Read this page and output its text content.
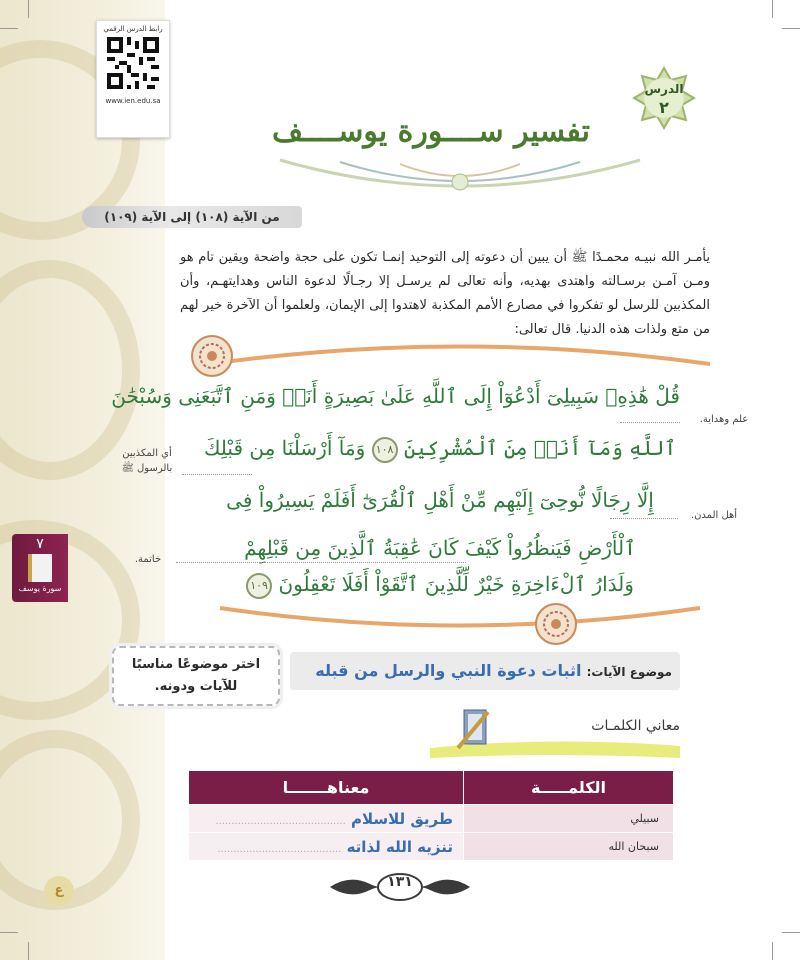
رابط الدرس الرقمي
www.ien.edu.sa
الدرس
٢
تفسير ســــورة يوســــف
من الآية (١٠٨) إلى الآية (١٠٩)

يأمـر الله نبيـه محمـدًا ﷺ أن يبين أن دعوته إلى التوحيد إنمـا تكون على حجة واضحة ويقين تام هو ومـن آمـن برسـالته واهتدى بهديه، وأنه تعالى لم يرسـل إلا رجـالًا لدعوة الناس وهدايتهـم، وأن المكذبين للرسل لو تفكروا في مصارع الأمم المكذبة لاهتدوا إلى الإيمان، ولعلموا أن الآخرة خير لهم من متع ولذات هذه الدنيا. قال تعالى:

قُلْ هَٰذِهِۦ سَبِيلِىٓ أَدْعُوٓاْ إِلَى ٱللَّهِ عَلَىٰ بَصِيرَةٍ أَنَا۠ وَمَنِ ٱتَّبَعَنِى وَسُبْحَٰنَ
ٱللَّهِ وَمَآ أَنَا۠ مِنَ ٱلْمُشْرِكِينَ ١٠٨ وَمَآ أَرْسَلْنَا مِن قَبْلِكَ
إِلَّا رِجَالًا نُّوحِىٓ إِلَيْهِم مِّنْ أَهْلِ ٱلْقُرَىٰٓ أَفَلَمْ يَسِيرُواْ فِى
ٱلْأَرْضِ فَيَنظُرُواْ كَيْفَ كَانَ عَٰقِبَةُ ٱلَّذِينَ مِن قَبْلِهِمْ
وَلَدَارُ ٱلْءَاخِرَةِ خَيْرٌ لِّلَّذِينَ ٱتَّقَوْاْ أَفَلَا تَعْقِلُونَ ١٠٩
علم وهداية.
أي المكذبين بالرسول ﷺ
أهل المدن.
خاتمة.
٧
سورة يوسف
اختر موضوعًا مناسبًا
للآيات ودونه.
موضوع الآيات: اثبات دعوة النبي والرسل من قبله
معاني الكلمـات
الكلمـــــة	معناهـــــــا
سبيلي	طريق للاسلام .........................................
سبحان الله	تنزيه الله لذاته .......................................
١٣١
ع
